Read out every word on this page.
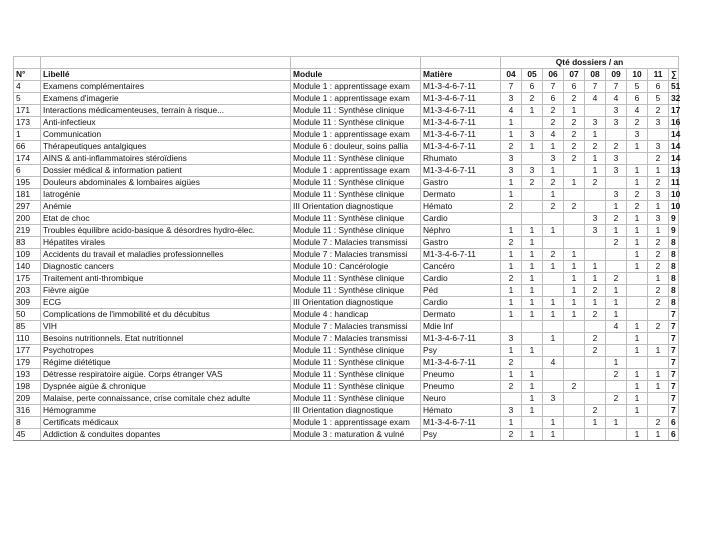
				Qté dossiers / an								
N°	Libellé	Module	Matière	04	05	06	07	08	09	10	11	∑
4	Examens complémentaires	Module 1 : apprentissage exam	M1-3-4-6-7-11	7	6	7	6	7	7	5	6	51
5	Examens d'imagerie	Module 1 : apprentissage exam	M1-3-4-6-7-11	3	2	6	2	4	4	6	5	32
171	Interactions médicamenteuses, terrain à risque...	Module 11 : Synthèse clinique	M1-3-4-6-7-11	4	1	2	1		3	4	2	17
173	Anti-infectieux	Module 11 : Synthèse clinique	M1-3-4-6-7-11	1		2	2	3	3	2	3	16
1	Communication	Module 1 : apprentissage exam	M1-3-4-6-7-11	1	3	4	2	1		3		14
66	Thérapeutiques antalgiques	Module 6 : douleur, soins pallia	M1-3-4-6-7-11	2	1	1	2	2	2	1	3	14
174	AINS & anti-inflammatoires stéroïdiens	Module 11 : Synthèse clinique	Rhumato	3		3	2	1	3		2	14
6	Dossier médical & information patient	Module 1 : apprentissage exam	M1-3-4-6-7-11	3	3	1		1	3	1	1	13
195	Douleurs abdominales & lombaires aigües	Module 11 : Synthèse clinique	Gastro	1	2	2	1	2		1	2	11
181	Iatrogénie	Module 11 : Synthèse clinique	Dermato	1		1			3	2	3	10
297	Anémie	III Orientation diagnostique	Hémato	2		2	2		1	2	1	10
200	Etat de choc	Module 11 : Synthèse clinique	Cardio					3	2	1	3	9
219	Troubles équilibre acido-basique & désordres hydro-élec.	Module 11 : Synthèse clinique	Néphro	1	1	1		3	1	1	1	9
83	Hépatites virales	Module 7 : Malacies transmissi	Gastro	2	1				2	1	2	8
109	Accidents du travail et maladies professionnelles	Module 7 : Malacies transmissi	M1-3-4-6-7-11	1	1	2	1			1	2	8
140	Diagnostic cancers	Module 10 : Cancérologie	Cancéro	1	1	1	1	1		1	2	8
175	Traitement anti-thrombique	Module 11 : Synthèse clinique	Cardio	2	1		1	1	2		1	8
203	Fièvre aigüe	Module 11 : Synthèse clinique	Péd	1	1		1	2	1		2	8
309	ECG	III Orientation diagnostique	Cardio	1	1	1	1	1	1		2	8
50	Complications de l'immobilité et du décubitus	Module 4 : handicap	Dermato	1	1	1	1	2	1			7
85	VIH	Module 7 : Malacies transmissi	Mdie Inf						4	1	2	7
110	Besoins nutritionnels. Etat nutritionnel	Module 7 : Malacies transmissi	M1-3-4-6-7-11	3		1		2		1		7
177	Psychotropes	Module 11 : Synthèse clinique	Psy	1	1			2		1	1	7
179	Régime diététique	Module 11 : Synthèse clinique	M1-3-4-6-7-11	2		4			1			7
193	Détresse respiratoire aigüe. Corps étranger VAS	Module 11 : Synthèse clinique	Pneumo	1	1				2	1	1	7
198	Dyspnée aigüe & chronique	Module 11 : Synthèse clinique	Pneumo	2	1		2			1	1	7
209	Malaise, perte connaissance, crise comitale chez adulte	Module 11 : Synthèse clinique	Neuro		1	3			2	1		7
316	Hémogramme	III Orientation diagnostique	Hémato	3	1			2		1		7
8	Certificats médicaux	Module 1 : apprentissage exam	M1-3-4-6-7-11	1		1		1	1		2	6
45	Addiction & conduites dopantes	Module 3 : maturation & vulné	Psy	2	1	1				1	1	6
